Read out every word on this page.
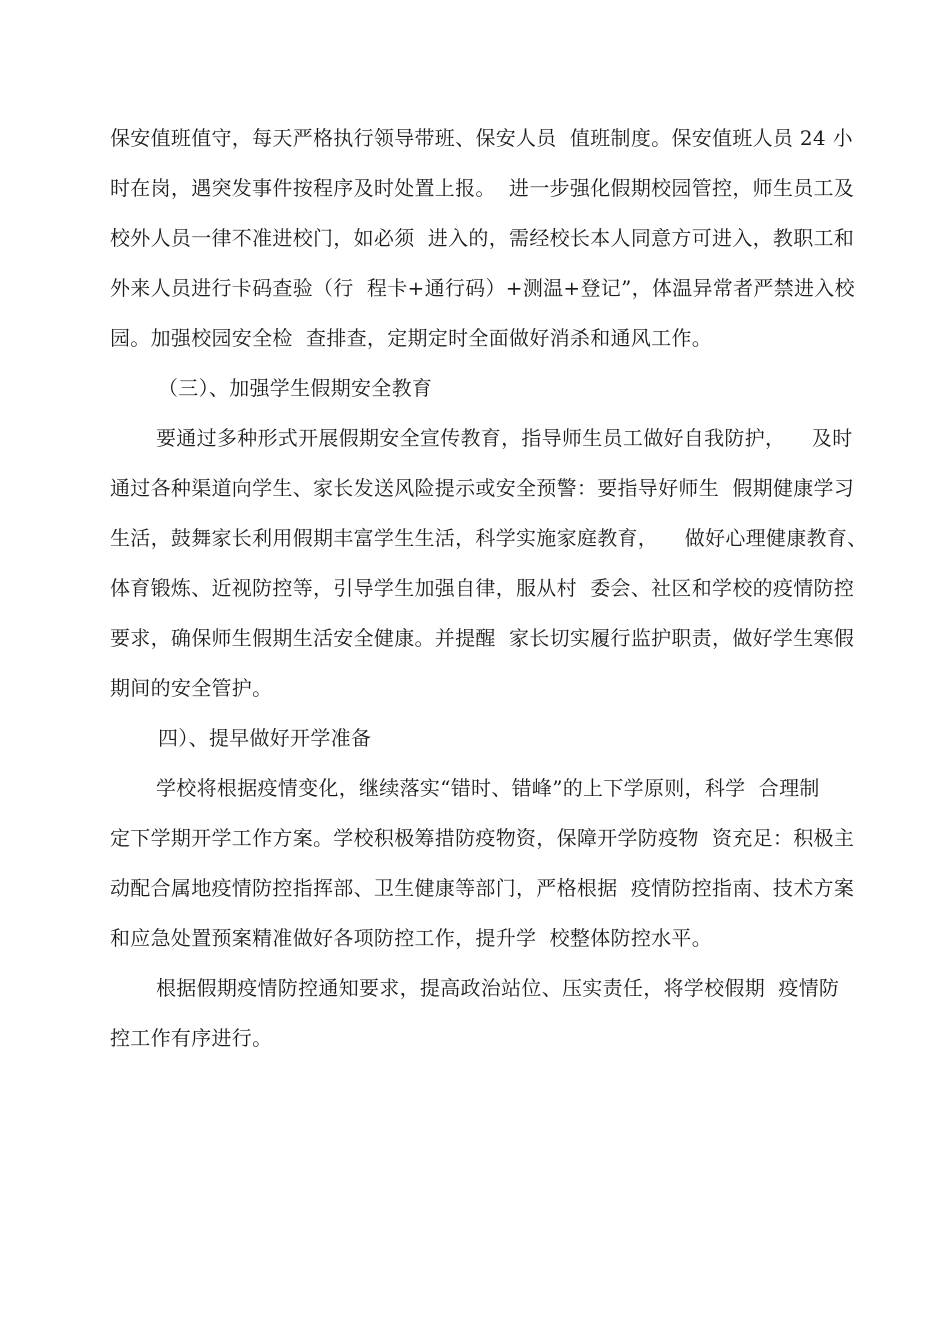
保安值班值守，每天严格执行领导带班、保安人员  值班制度。保安值班人员 24 小
时在岗，遇突发事件按程序及时处置上报。  进一步强化假期校园管控，师生员工及
校外人员一律不准进校门，如必须  进入的，需经校长本人同意方可进入，教职工和
外来人员进行卡码查验（行  程卡+通行码）+测温+登记”，体温异常者严禁进入校
园。加强校园安全检  查排查，定期定时全面做好消杀和通风工作。
（三）、加强学生假期安全教育
要通过多种形式开展假期安全宣传教育，指导师生员工做好自我防护，    及时
通过各种渠道向学生、家长发送风险提示或安全预警：要指导好师生  假期健康学习
生活，鼓舞家长利用假期丰富学生生活，科学实施家庭教育，    做好心理健康教育、
体育锻炼、近视防控等，引导学生加强自律，服从村  委会、社区和学校的疫情防控
要求，确保师生假期生活安全健康。并提醒  家长切实履行监护职责，做好学生寒假
期间的安全管护。
四）、提早做好开学准备
学校将根据疫情变化，继续落实“错时、错峰”的上下学原则，科学  合理制
定下学期开学工作方案。学校积极筹措防疫物资，保障开学防疫物  资充足：积极主
动配合属地疫情防控指挥部、卫生健康等部门，严格根据  疫情防控指南、技术方案
和应急处置预案精准做好各项防控工作，提升学  校整体防控水平。
根据假期疫情防控通知要求，提高政治站位、压实责任，将学校假期  疫情防
控工作有序进行。
